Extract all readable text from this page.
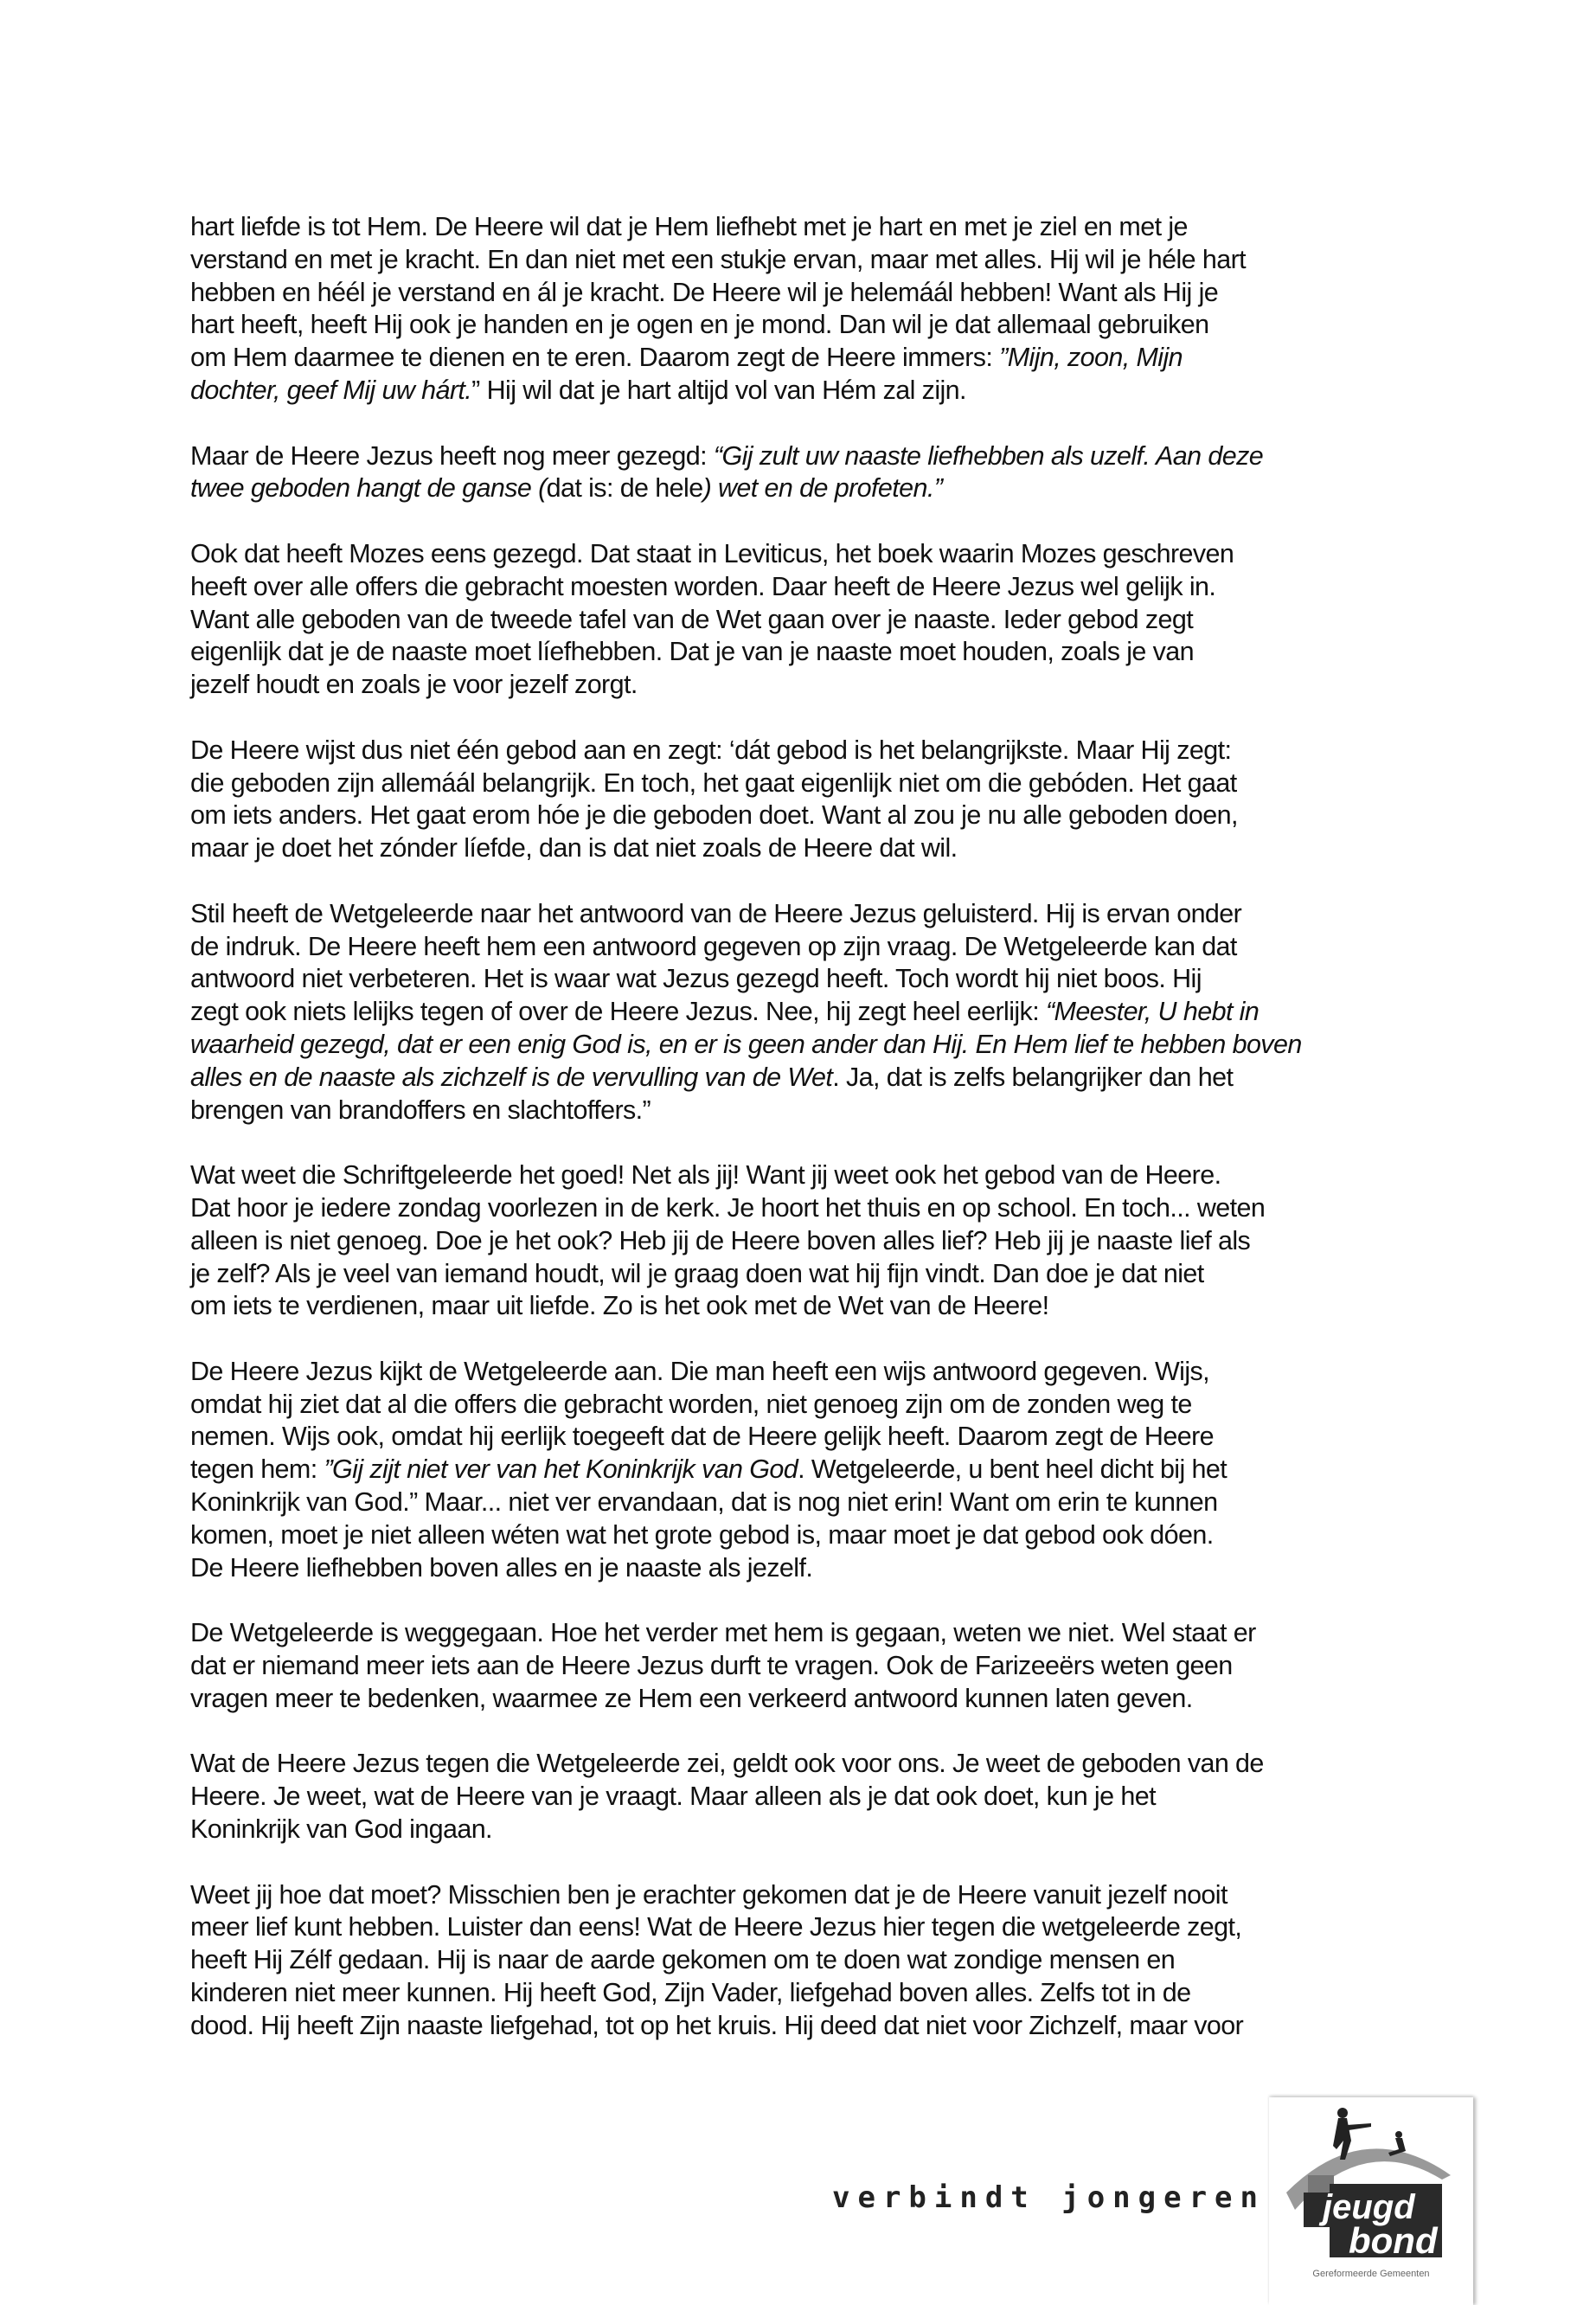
hart liefde is tot Hem. De Heere wil dat je Hem liefhebt met je hart en met je ziel en met je
verstand en met je kracht. En dan niet met een stukje ervan, maar met alles. Hij wil je héle hart
hebben en héél je verstand en ál je kracht. De Heere wil je helemáál hebben! Want als Hij je
hart heeft, heeft Hij ook je handen en je ogen en je mond. Dan wil je dat allemaal gebruiken
om Hem daarmee te dienen en te eren. Daarom zegt de Heere immers: ”Mijn, zoon, Mijn
dochter, geef Mij uw hárt.” Hij wil dat je hart altijd vol van Hém zal zijn.
Maar de Heere Jezus heeft nog meer gezegd: “Gij zult uw naaste liefhebben als uzelf. Aan deze
twee geboden hangt de ganse (dat is: de hele) wet en de profeten.”
Ook dat heeft Mozes eens gezegd. Dat staat in Leviticus, het boek waarin Mozes geschreven
heeft over alle offers die gebracht moesten worden. Daar heeft de Heere Jezus wel gelijk in.
Want alle geboden van de tweede tafel van de Wet gaan over je naaste. Ieder gebod zegt
eigenlijk dat je de naaste moet líefhebben. Dat je van je naaste moet houden, zoals je van
jezelf houdt en zoals je voor jezelf zorgt.
De Heere wijst dus niet één gebod aan en zegt: ‘dát gebod is het belangrijkste. Maar Hij zegt:
die geboden zijn allemáál belangrijk. En toch, het gaat eigenlijk niet om die gebóden. Het gaat
om iets anders. Het gaat erom hóe je die geboden doet. Want al zou je nu alle geboden doen,
maar je doet het zónder líefde, dan is dat niet zoals de Heere dat wil.
Stil heeft de Wetgeleerde naar het antwoord van de Heere Jezus geluisterd. Hij is ervan onder
de indruk. De Heere heeft hem een antwoord gegeven op zijn vraag. De Wetgeleerde kan dat
antwoord niet verbeteren. Het is waar wat Jezus gezegd heeft. Toch wordt hij niet boos. Hij
zegt ook niets lelijks tegen of over de Heere Jezus. Nee, hij zegt heel eerlijk: “Meester, U hebt in
waarheid gezegd, dat er een enig God is, en er is geen ander dan Hij. En Hem lief te hebben boven
alles en de naaste als zichzelf is de vervulling van de Wet. Ja, dat is zelfs belangrijker dan het
brengen van brandoffers en slachtoffers.”
Wat weet die Schriftgeleerde het goed! Net als jij! Want jij weet ook het gebod van de Heere.
Dat hoor je iedere zondag voorlezen in de kerk. Je hoort het thuis en op school. En toch... weten
alleen is niet genoeg. Doe je het ook? Heb jij de Heere boven alles lief? Heb jij je naaste lief als
je zelf? Als je veel van iemand houdt, wil je graag doen wat hij fijn vindt. Dan doe je dat niet
om iets te verdienen, maar uit liefde. Zo is het ook met de Wet van de Heere!
De Heere Jezus kijkt de Wetgeleerde aan. Die man heeft een wijs antwoord gegeven. Wijs,
omdat hij ziet dat al die offers die gebracht worden, niet genoeg zijn om de zonden weg te
nemen. Wijs ook, omdat hij eerlijk toegeeft dat de Heere gelijk heeft. Daarom zegt de Heere
tegen hem: ”Gij zijt niet ver van het Koninkrijk van God. Wetgeleerde, u bent heel dicht bij het
Koninkrijk van God.” Maar... niet ver ervandaan, dat is nog niet erin! Want om erin te kunnen
komen, moet je niet alleen wéten wat het grote gebod is, maar moet je dat gebod ook dóen.
De Heere liefhebben boven alles en je naaste als jezelf.
De Wetgeleerde is weggegaan. Hoe het verder met hem is gegaan, weten we niet. Wel staat er
dat er niemand meer iets aan de Heere Jezus durft te vragen. Ook de Farizeeërs weten geen
vragen meer te bedenken, waarmee ze Hem een verkeerd antwoord kunnen laten geven.
Wat de Heere Jezus tegen die Wetgeleerde zei, geldt ook voor ons. Je weet de geboden van de
Heere. Je weet, wat de Heere van je vraagt. Maar alleen als je dat ook doet, kun je het
Koninkrijk van God ingaan.
Weet jij hoe dat moet? Misschien ben je erachter gekomen dat je de Heere vanuit jezelf nooit
meer lief kunt hebben. Luister dan eens! Wat de Heere Jezus hier tegen die wetgeleerde zegt,
heeft Hij Zélf gedaan. Hij is naar de aarde gekomen om te doen wat zondige mensen en
kinderen niet meer kunnen. Hij heeft God, Zijn Vader, liefgehad boven alles. Zelfs tot in de
dood. Hij heeft Zijn naaste liefgehad, tot op het kruis. Hij deed dat niet voor Zichzelf, maar voor
verbindt jongeren jeugd
bond
Gereformeerde Gemeenten
